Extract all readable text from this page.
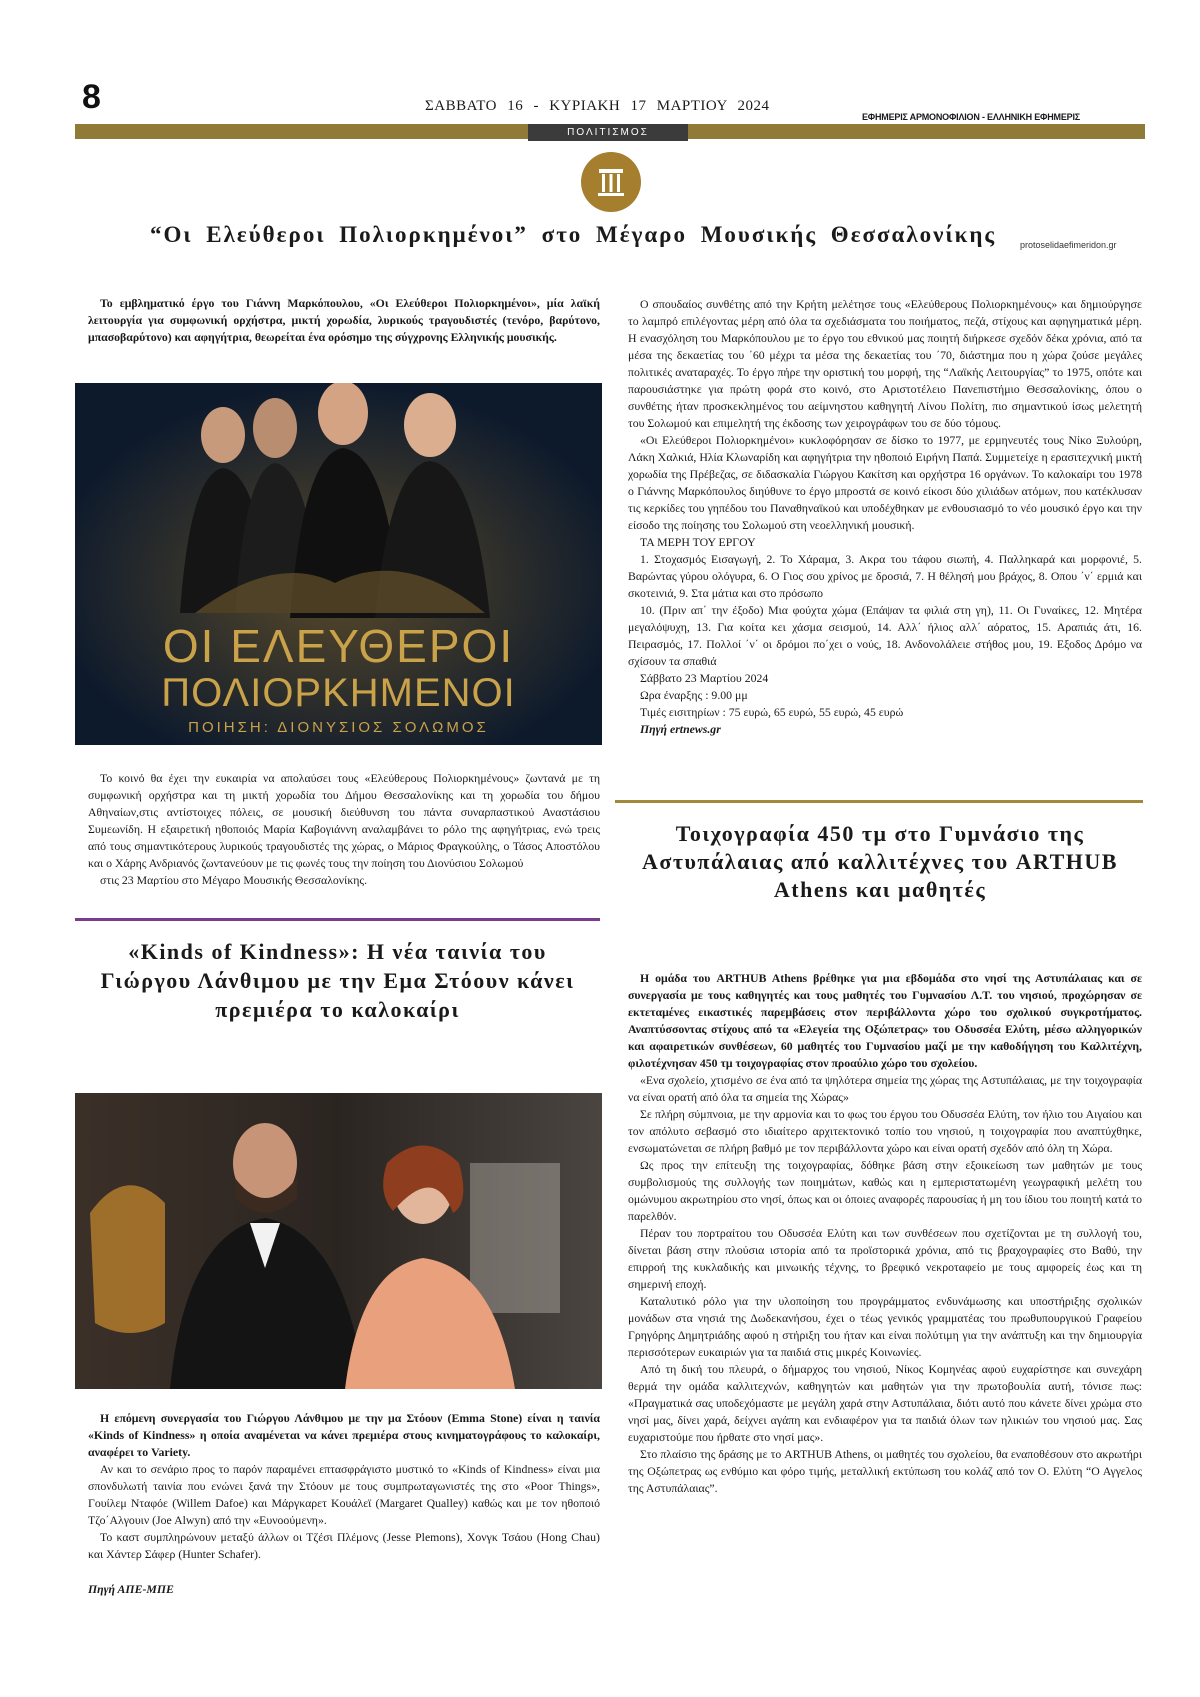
8	ΣΑΒΒΑΤΟ 16 - ΚΥΡΙΑΚΗ 17 ΜΑΡΤΙΟΥ 2024
ΕΦΗΜΕΡΙΣ ΑΡΜΟΝΟΦΙΛΙΟΝ - ΕΛΛΗΝΙΚΗ ΕΦΗΜΕΡΙΣ
ΠΟΛΙΤΙΣΜΟΣ
“Οι Ελεύθεροι Πολιορκημένοι” στο Μέγαρο Μουσικής Θεσσαλονίκης	protoselidaefimeridon.gr

Το εμβληματικό έργο του Γιάννη Μαρκόπουλου, «Οι Ελεύθεροι Πολιορκημένοι», μία λαϊκή λειτουργία για συμφωνική ορχήστρα, μικτή χορωδία, λυρικούς τραγουδιστές (τενόρο, βαρύτονο, μπασοβαρύτονο) και αφηγήτρια, θεωρείται ένα ορόσημο της σύγχρονης Ελληνικής μουσικής.

ΟΙ ΕΛΕΥΘΕΡΟΙ
ΠΟΛΙΟΡΚΗΜΕΝΟΙ
ΠΟΙΗΣΗ: ΔΙΟΝΥΣΙΟΣ ΣΟΛΩΜΟΣ

Το κοινό θα έχει την ευκαιρία να απολαύσει τους «Ελεύθερους Πολιορκημένους» ζωντανά με τη συμφωνική ορχήστρα και τη μικτή χορωδία του Δήμου Θεσσαλονίκης και τη χορωδία του δήμου Αθηναίων,στις αντίστοιχες πόλεις, σε μουσική διεύθυνση του πάντα συναρπαστικού Αναστάσιου Συμεωνίδη. Η εξαιρετική ηθοποιός Μαρία Καβογιάννη αναλαμβάνει το ρόλο της αφηγήτριας, ενώ τρεις από τους σημαντικότερους λυρικούς τραγουδιστές της χώρας, ο Μάριος Φραγκούλης, ο Τάσος Αποστόλου και ο Χάρης Ανδριανός ζωντανεύουν με τις φωνές τους την ποίηση του Διονύσιου Σολωμού

στις 23 Μαρτίου στο Μέγαρο Μουσικής Θεσσαλονίκης.

Ο σπουδαίος συνθέτης από την Κρήτη μελέτησε τους «Ελεύθερους Πολιορκημένους» και δημιούργησε το λαμπρό επιλέγοντας μέρη από όλα τα σχεδιάσματα του ποιήματος, πεζά, στίχους και αφηγηματικά μέρη. Η ενασχόληση του Μαρκόπουλου με το έργο του εθνικού μας ποιητή διήρκεσε σχεδόν δέκα χρόνια, από τα μέσα της δεκαετίας του ΄60 μέχρι τα μέσα της δεκαετίας του ΄70, διάστημα που η χώρα ζούσε μεγάλες πολιτικές αναταραχές. Το έργο πήρε την οριστική του μορφή, της “Λαϊκής Λειτουργίας” το 1975, οπότε και παρουσιάστηκε για πρώτη φορά στο κοινό, στο Αριστοτέλειο Πανεπιστήμιο Θεσσαλονίκης, όπου ο συνθέτης ήταν προσκεκλημένος του αείμνηστου καθηγητή Λίνου Πολίτη, πιο σημαντικού ίσως μελετητή του Σολωμού και επιμελητή της έκδοσης των χειρογράφων του σε δύο τόμους.

«Οι Ελεύθεροι Πολιορκημένοι» κυκλοφόρησαν σε δίσκο το 1977, με ερμηνευτές τους Νίκο Ξυλούρη, Λάκη Χαλκιά, Ηλία Κλωναρίδη και αφηγήτρια την ηθοποιό Ειρήνη Παπά. Συμμετείχε η ερασιτεχνική μικτή χορωδία της Πρέβεζας, σε διδασκαλία Γιώργου Κακίτση και ορχήστρα 16 οργάνων. Το καλοκαίρι του 1978 ο Γιάννης Μαρκόπουλος διηύθυνε το έργο μπροστά σε κοινό είκοσι δύο χιλιάδων ατόμων, που κατέκλυσαν τις κερκίδες του γηπέδου του Παναθηναϊκού και υποδέχθηκαν με ενθουσιασμό το νέο μουσικό έργο και την είσοδο της ποίησης του Σολωμού στη νεοελληνική μουσική.

ΤΑ ΜΕΡΗ ΤΟΥ ΕΡΓΟΥ

1. Στοχασμός Εισαγωγή, 2. Το Χάραμα, 3. Ακρα του τάφου σιωπή, 4. Παλληκαρά και μορφονιέ, 5. Βαρώντας γύρου ολόγυρα, 6. Ο Γιος σου χρίνος με δροσιά, 7. Η θέλησή μου βράχος, 8. Οπου ΄ν΄ ερμιά και σκοτεινιά, 9. Στα μάτια και στο πρόσωπο

10. (Πριν απ΄ την έξοδο) Μια φούχτα χώμα (Επάψαν τα φιλιά στη γη), 11. Οι Γυναίκες, 12. Μητέρα μεγαλόψυχη, 13. Για κοίτα κει χάσμα σεισμού, 14. Αλλ΄ ήλιος αλλ΄ αόρατος, 15. Αραπιάς άτι, 16. Πειρασμός, 17. Πολλοί ΄ν΄ οι δρόμοι πο΄χει ο νούς, 18. Ανδονολάλειε στήθος μου, 19. Εξοδος Δρόμο να σχίσουν τα σπαθιά

Σάββατο 23 Μαρτίου 2024

Ωρα έναρξης : 9.00 μμ

Τιμές εισιτηρίων : 75 ευρώ, 65 ευρώ, 55 ευρώ, 45 ευρώ

Πηγή ertnews.gr

«Kinds of Kindness»: Η νέα ταινία του Γιώργου Λάνθιμου με την Εμα Στόουν κάνει πρεμιέρα το καλοκαίρι

Η επόμενη συνεργασία του Γιώργου Λάνθιμου με την μα Στόουν (Emma Stone) είναι η ταινία «Kinds of Kindness» η οποία αναμένεται να κάνει πρεμιέρα στους κινηματογράφους το καλοκαίρι, αναφέρει το Variety.

Αν και το σενάριο προς το παρόν παραμένει επτασφράγιστο μυστικό το «Kinds of Kindness» είναι μια σπονδυλωτή ταινία που ενώνει ξανά την Στόουν με τους συμπρωταγωνιστές της στο «Poor Things», Γουίλεμ Νταφόε (Willem Dafoe) και Μάργκαρετ Κουάλεϊ (Margaret Qualley) καθώς και με τον ηθοποιό Τζο΄Αλγουιν (Joe Alwyn) από την «Ευνοούμενη».

Το καστ συμπληρώνουν μεταξύ άλλων οι Τζέσι Πλέμονς (Jesse Plemons), Χονγκ Τσάου (Hong Chau) και Χάντερ Σάφερ (Hunter Schafer).

Πηγή ΑΠΕ-ΜΠΕ
Τοιχογραφία 450 τμ στο Γυμνάσιο της Αστυπάλαιας από καλλιτέχνες του ARTHUB Athens και μαθητές

Η ομάδα του ARTHUB Athens βρέθηκε για μια εβδομάδα στο νησί της Αστυπάλαιας και σε συνεργασία με τους καθηγητές και τους μαθητές του Γυμνασίου Λ.Τ. του νησιού, προχώρησαν σε εκτεταμένες εικαστικές παρεμβάσεις στον περιβάλλοντα χώρο του σχολικού συγκροτήματος. Αναπτύσσοντας στίχους από τα «Ελεγεία της Οξώπετρας» του Οδυσσέα Ελύτη, μέσω αλληγορικών και αφαιρετικών συνθέσεων, 60 μαθητές του Γυμνασίου μαζί με την καθοδήγηση του Καλλιτέχνη, φιλοτέχνησαν 450 τμ τοιχογραφίας στον προαύλιο χώρο του σχολείου.

«Ενα σχολείο, χτισμένο σε ένα από τα ψηλότερα σημεία της χώρας της Αστυπάλαιας, με την τοιχογραφία να είναι ορατή από όλα τα σημεία της Χώρας»

Σε πλήρη σύμπνοια, με την αρμονία και το φως του έργου του Οδυσσέα Ελύτη, τον ήλιο του Αιγαίου και τον απόλυτο σεβασμό στο ιδιαίτερο αρχιτεκτονικό τοπίο του νησιού, η τοιχογραφία που αναπτύχθηκε, ενσωματώνεται σε πλήρη βαθμό με τον περιβάλλοντα χώρο και είναι ορατή σχεδόν από όλη τη Χώρα.

Ως προς την επίτευξη της τοιχογραφίας, δόθηκε βάση στην εξοικείωση των μαθητών με τους συμβολισμούς της συλλογής των ποιημάτων, καθώς και η εμπεριστατωμένη γεωγραφική μελέτη του ομώνυμου ακρωτηρίου στο νησί, όπως και οι όποιες αναφορές παρουσίας ή μη του ίδιου του ποιητή κατά το παρελθόν.

Πέραν του πορτραίτου του Οδυσσέα Ελύτη και των συνθέσεων που σχετίζονται με τη συλλογή του, δίνεται βάση στην πλούσια ιστορία από τα προϊστορικά χρόνια, από τις βραχογραφίες στο Βαθύ, την επιρροή της κυκλαδικής και μινωικής τέχνης, το βρεφικό νεκροταφείο με τους αμφορείς έως και τη σημερινή εποχή.

Καταλυτικό ρόλο για την υλοποίηση του προγράμματος ενδυνάμωσης και υποστήριξης σχολικών μονάδων στα νησιά της Δωδεκανήσου, έχει ο τέως γενικός γραμματέας του πρωθυπουργικού Γραφείου Γρηγόρης Δημητριάδης αφού η στήριξη του ήταν και είναι πολύτιμη για την ανάπτυξη και την δημιουργία περισσότερων ευκαιριών για τα παιδιά στις μικρές Κοινωνίες.

Από τη δική του πλευρά, ο δήμαρχος του νησιού, Νίκος Κομηνέας αφού ευχαρίστησε και συνεχάρη θερμά την ομάδα καλλιτεχνών, καθηγητών και μαθητών για την πρωτοβουλία αυτή, τόνισε πως: «Πραγματικά σας υποδεχόμαστε με μεγάλη χαρά στην Αστυπάλαια, διότι αυτό που κάνετε δίνει χρώμα στο νησί μας, δίνει χαρά, δείχνει αγάπη και ενδιαφέρον για τα παιδιά όλων των ηλικιών του νησιού μας. Σας ευχαριστούμε που ήρθατε στο νησί μας».

Στο πλαίσιο της δράσης με το ARTHUB Athens, οι μαθητές του σχολείου, θα εναποθέσουν στο ακρωτήρι της Οξώπετρας ως ενθύμιο και φόρο τιμής, μεταλλική εκτύπωση του κολάζ από τον Ο. Ελύτη “Ο Αγγελος της Αστυπάλαιας”.
